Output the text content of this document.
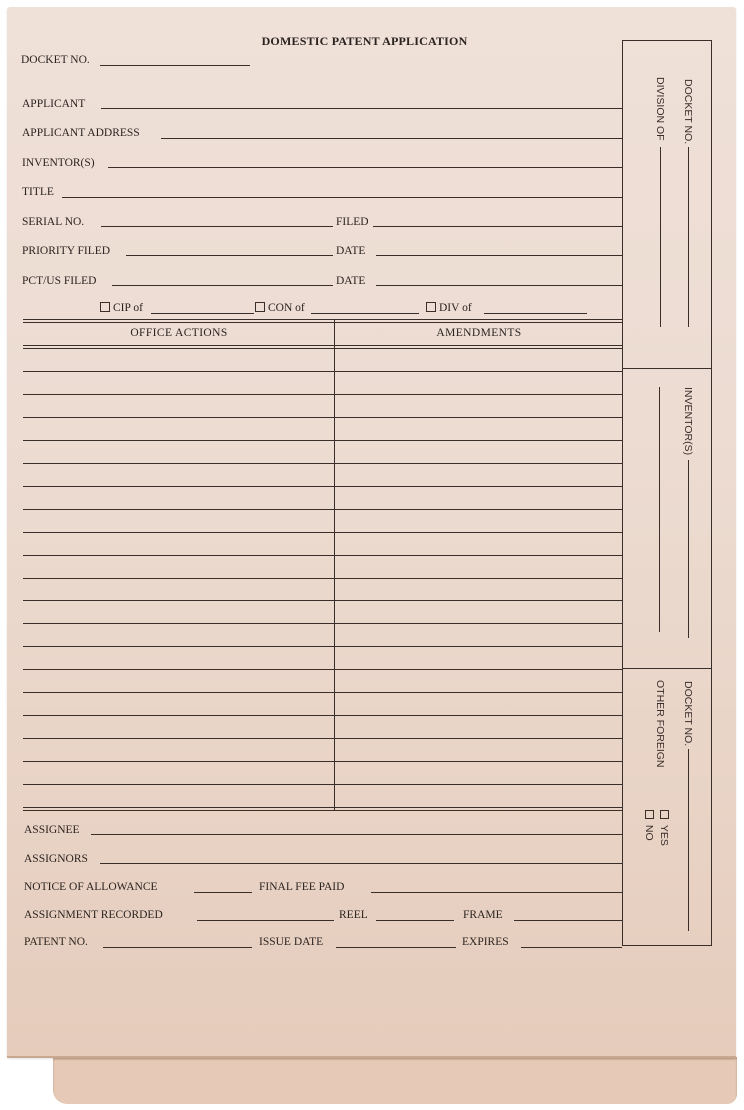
DOMESTIC PATENT APPLICATION
DOCKET NO.
APPLICANT
APPLICANT ADDRESS
INVENTOR(S)
TITLE
SERIAL NO.	FILED
PRIORITY FILED	DATE
PCT/US FILED	DATE
CIP of	CON of	DIV of
OFFICE ACTIONS	AMENDMENTS
ASSIGNEE
ASSIGNORS
NOTICE OF ALLOWANCE	FINAL FEE PAID
ASSIGNMENT RECORDED	REEL	FRAME
PATENT NO.	ISSUE DATE	EXPIRES
DOCKET NO.
DIVISION OF
INVENTOR(S)
DOCKET NO.
OTHER FOREIGN
YES
NO
